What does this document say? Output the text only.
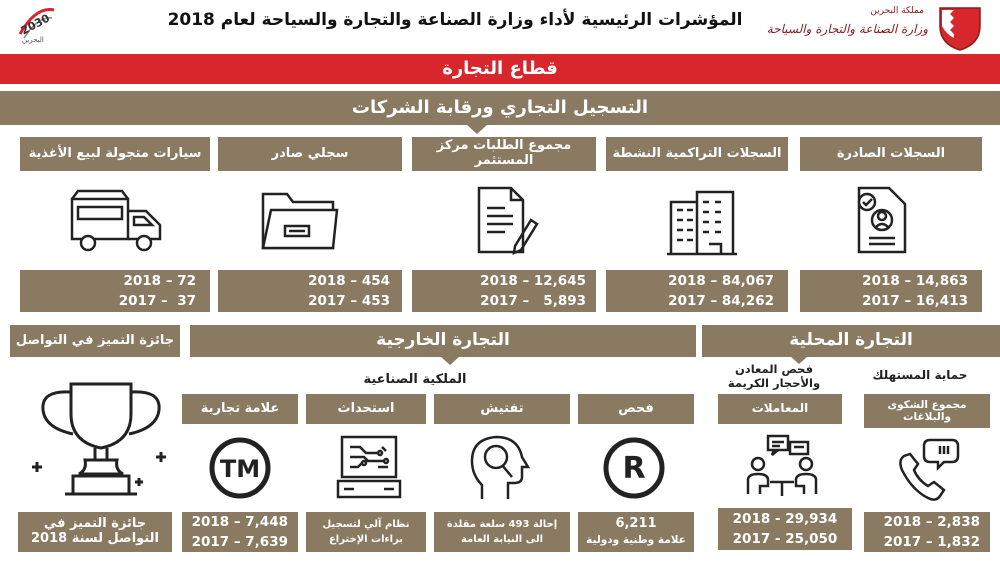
2030
البحرين
المؤشرات الرئيسية لأداء وزارة الصناعة والتجارة والسياحة لعام 2018	مملكة البحرين
وزارة الصناعة والتجارة والسياحة
قطاع التجارة
التسجيل التجاري ورقابة الشركات
السجلات الصادرة
السجلات التراكمية النشطة
مجموع الطلبات مركز المستثمر
سجلي صادر
سيارات متجولة لبيع الأغذية
2018 – 14,863
2017 – 16,413
2018 – 84,067
2017 – 84,262
2018 – 12,645
2017 –   5,893
2018 – 454
2017 – 453
2018 – 72
2017 –  37
جائزة التميز في التواصل	التجارة الخارجية	التجارة المحلية
الملكية الصناعية
فحص المعادن والأحجار الكريمة
حماية المستهلك
علامة تجارية	استحداث	تفتيش	فحص	المعاملات	مجموع الشكوى والبلاغات
TM	R
جائزة التميز في التواصل لسنة 2018
2018 – 7,448
2017 – 7,639
نظام آلي لتسجيل
براءات الإختراع
إحالة 493 سلعة مقلدة
الى النيابة العامة
6,211
علامة وطنية ودولية
2018 - 29,934
2017 - 25,050
2018 – 2,838
2017 – 1,832
